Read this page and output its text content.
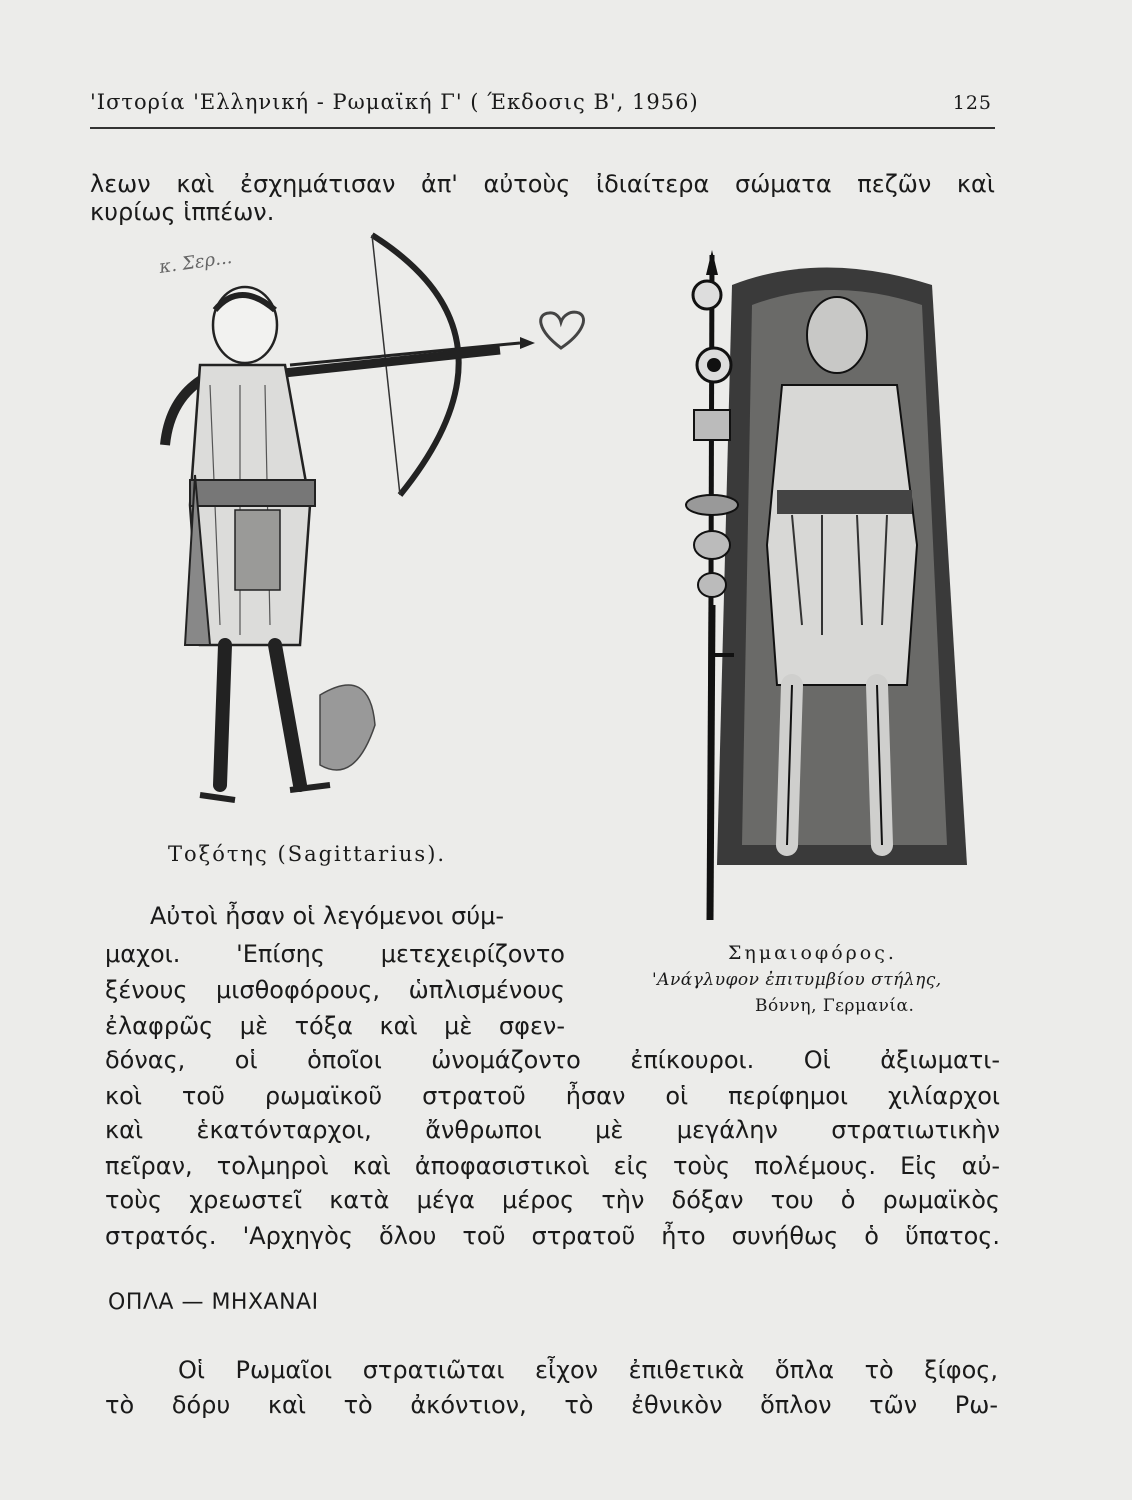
'Ιστορία 'Ελληνική - Ρωμαϊκή Γ' ( Έκδοσις Β', 1956)	125
λεων καὶ ἐσχημάτισαν ἀπ' αὐτοὺς ἰδιαίτερα σώματα πεζῶν καὶ
κυρίως ἱππέων.
κ. Σερ...
Τοξότης (Sagittarius).
Σημαιοφόρος.
'Ανάγλυφον ἐπιτυμβίου στήλης,
Βόννη, Γερμανία.
Αὐτοὶ ἦσαν οἱ λεγόμενοι σύμ-
μαχοι. 'Επίσης μετεχειρίζοντο
ξένους μισθοφόρους, ὡπλισμένους
ἐλαφρῶς μὲ τόξα καὶ μὲ σφεν-
δόνας, οἱ ὁποῖοι ὠνομάζοντο ἐπίκουροι. Οἱ ἀξιωματι-
κοὶ τοῦ ρωμαϊκοῦ στρατοῦ ἦσαν οἱ περίφημοι χιλίαρχοι
καὶ ἑκατόνταρχοι, ἄνθρωποι μὲ μεγάλην στρατιωτικὴν
πεῖραν, τολμηροὶ καὶ ἀποφασιστικοὶ εἰς τοὺς πολέμους. Εἰς αὐ-
τοὺς χρεωστεῖ κατὰ μέγα μέρος τὴν δόξαν του ὁ ρωμαϊκὸς
στρατός. 'Αρχηγὸς ὅλου τοῦ στρατοῦ ἦτο συνήθως ὁ ὕπατος.
ΟΠΛΑ — ΜΗΧΑΝΑΙ
Οἱ Ρωμαῖοι στρατιῶται εἶχον ἐπιθετικὰ ὅπλα τὸ ξίφος,
τὸ δόρυ καὶ τὸ ἀκόντιον, τὸ ἐθνικὸν ὅπλον τῶν Ρω-
